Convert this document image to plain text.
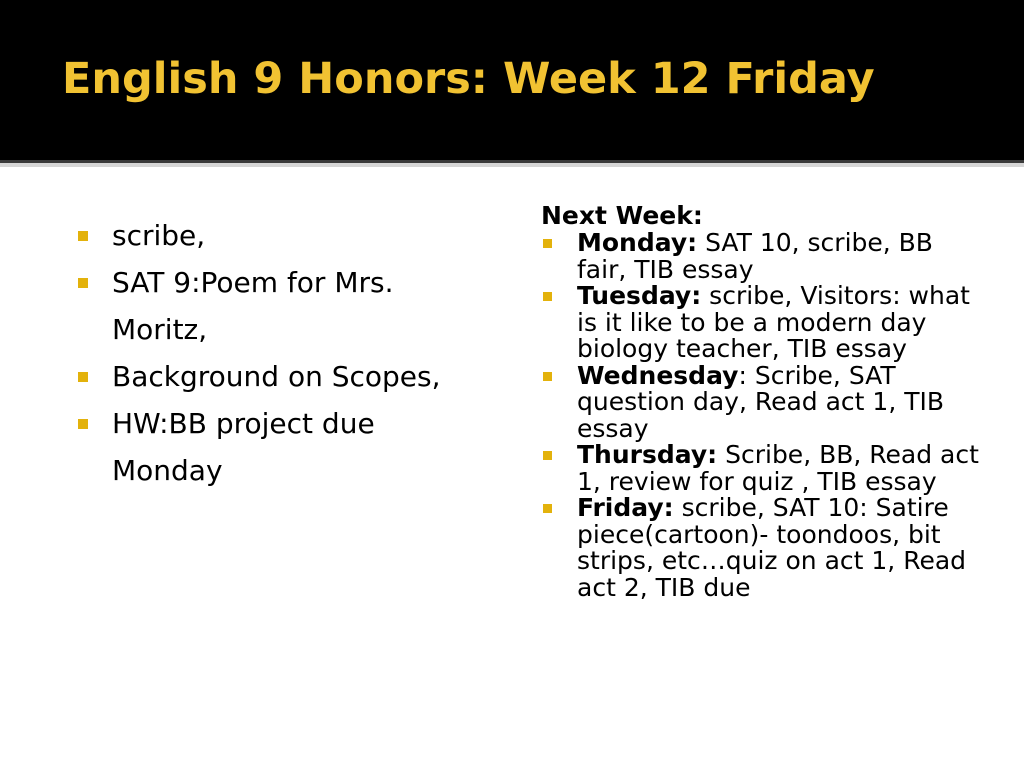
English 9 Honors: Week 12 Friday
scribe,
SAT 9:Poem for Mrs. Moritz,
Background on Scopes,
HW:BB project due Monday

Next Week:

Monday: SAT 10, scribe, BB fair, TIB essay
Tuesday: scribe, Visitors: what is it like to be a modern day biology teacher, TIB essay
Wednesday: Scribe, SAT question day, Read act 1, TIB essay
Thursday: Scribe, BB, Read act 1, review for quiz , TIB essay
Friday: scribe, SAT 10: Satire piece(cartoon)- toondoos, bit strips, etc…quiz on act 1, Read act 2, TIB due
